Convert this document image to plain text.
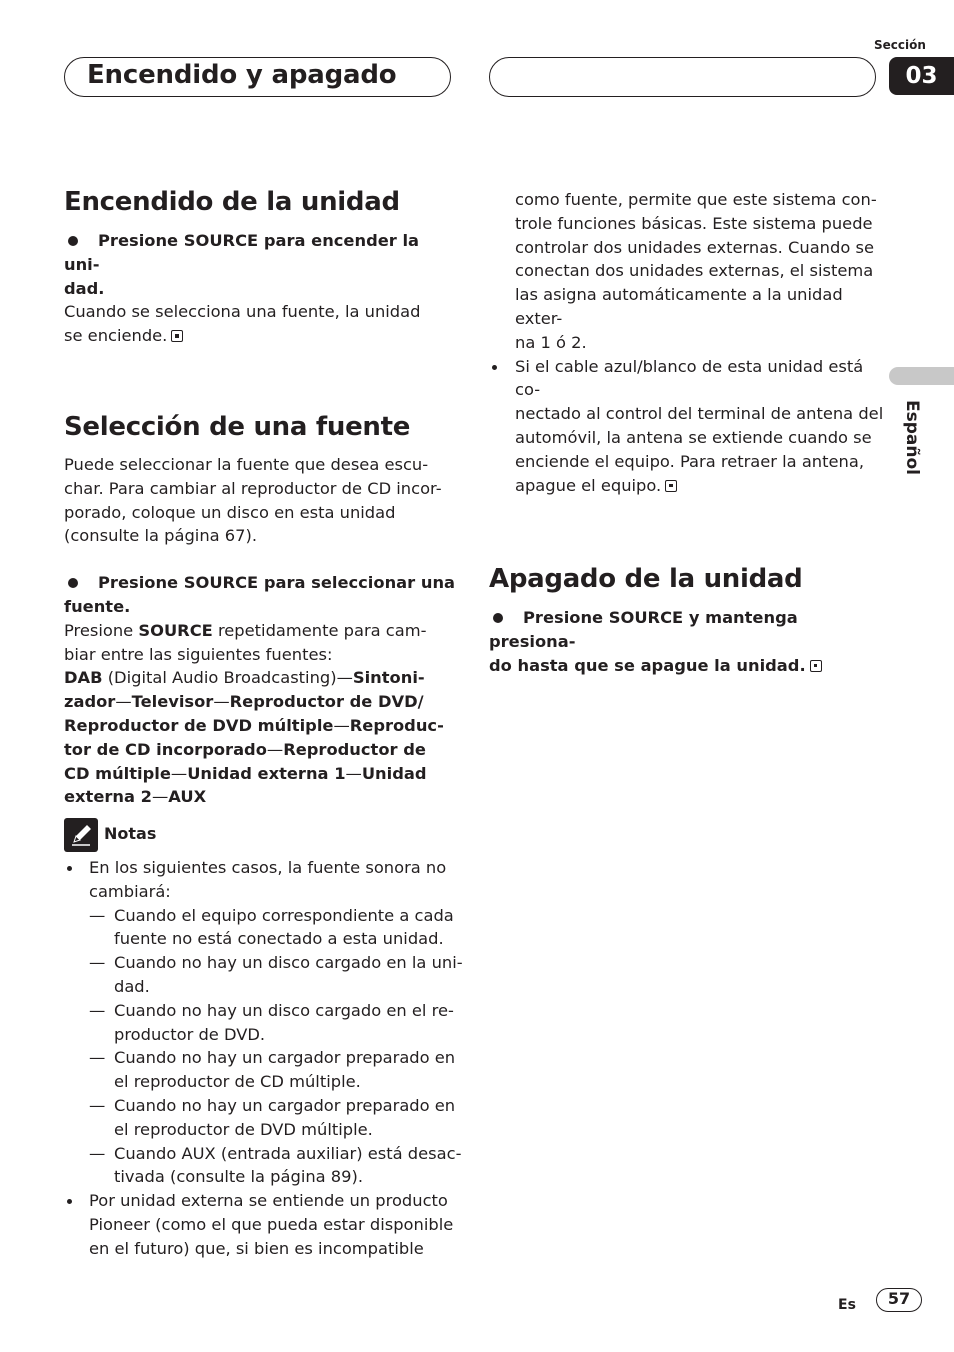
Encendido y apagado
Sección
03
Español
Encendido de la unidad

Presione SOURCE para encender la uni-
dad.

Cuando se selecciona una fuente, la unidad
se enciende.

Selección de una fuente

Puede seleccionar la fuente que desea escu-
char. Para cambiar al reproductor de CD incor-
porado, coloque un disco en esta unidad
(consulte la página 67).

Presione SOURCE para seleccionar una
fuente.

Presione SOURCE repetidamente para cam-
biar entre las siguientes fuentes:

DAB (Digital Audio Broadcasting)—Sintoni-
zador—Televisor—Reproductor de DVD/
Reproductor de DVD múltiple—Reproduc-
tor de CD incorporado—Reproductor de
CD múltiple—Unidad externa 1—Unidad
externa 2—AUX

Notas

En los siguientes casos, la fuente sonora no
cambiará:

— Cuando el equipo correspondiente a cada
fuente no está conectado a esta unidad.

— Cuando no hay un disco cargado en la uni-
dad.

— Cuando no hay un disco cargado en el re-
productor de DVD.

— Cuando no hay un cargador preparado en
el reproductor de CD múltiple.

— Cuando no hay un cargador preparado en
el reproductor de DVD múltiple.

— Cuando AUX (entrada auxiliar) está desac-
tivada (consulte la página 89).

Por unidad externa se entiende un producto
Pioneer (como el que pueda estar disponible
en el futuro) que, si bien es incompatible

como fuente, permite que este sistema con-
trole funciones básicas. Este sistema puede
controlar dos unidades externas. Cuando se
conectan dos unidades externas, el sistema
las asigna automáticamente a la unidad exter-
na 1 ó 2.

Si el cable azul/blanco de esta unidad está co-
nectado al control del terminal de antena del
automóvil, la antena se extiende cuando se
enciende el equipo. Para retraer la antena,
apague el equipo.

Apagado de la unidad

Presione SOURCE y mantenga presiona-
do hasta que se apague la unidad.

Es	57
